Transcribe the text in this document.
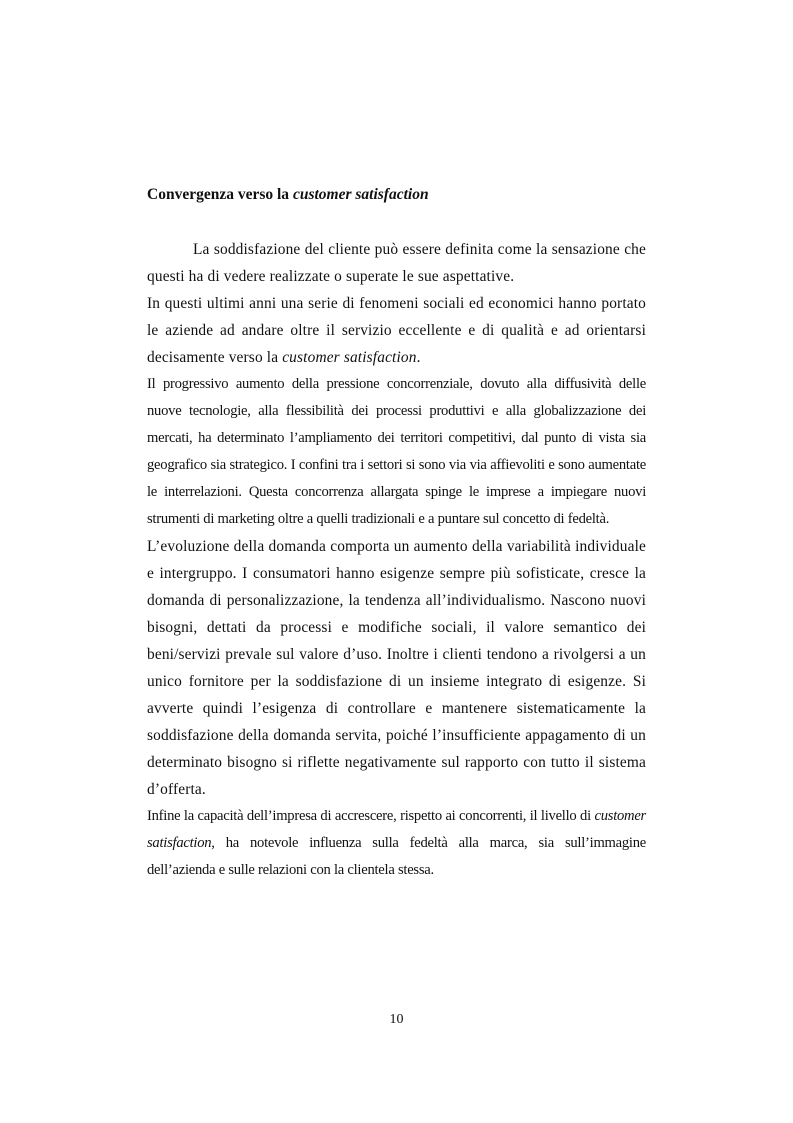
Convergenza verso la customer satisfaction

La soddisfazione del cliente può essere definita come la sensazione che questi ha di vedere realizzate o superate le sue aspettative.

In questi ultimi anni una serie di fenomeni sociali ed economici hanno portato le aziende ad andare oltre il servizio eccellente e di qualità e ad orientarsi decisamente verso la customer satisfaction.

Il progressivo aumento della pressione concorrenziale, dovuto alla diffusività delle nuove tecnologie, alla flessibilità dei processi produttivi e alla globalizzazione dei mercati, ha determinato l’ampliamento dei territori competitivi, dal punto di vista sia geografico sia strategico. I confini tra i settori si sono via via affievoliti e sono aumentate le interrelazioni. Questa concorrenza allargata spinge le imprese a impiegare nuovi strumenti di marketing oltre a quelli tradizionali e a puntare sul concetto di fedeltà.

L’evoluzione della domanda comporta un aumento della variabilità individuale e intergruppo. I consumatori hanno esigenze sempre più sofisticate, cresce la domanda di personalizzazione, la tendenza all’individualismo. Nascono nuovi bisogni, dettati da processi e modifiche sociali, il valore semantico dei beni/servizi prevale sul valore d’uso. Inoltre i clienti tendono a rivolgersi a un unico fornitore per la soddisfazione di un insieme integrato di esigenze. Si avverte quindi l’esigenza di controllare e mantenere sistematicamente la soddisfazione della domanda servita, poiché l’insufficiente appagamento di un determinato bisogno si riflette negativamente sul rapporto con tutto il sistema d’offerta.

Infine la capacità dell’impresa di accrescere, rispetto ai concorrenti, il livello di customer satisfaction, ha notevole influenza sulla fedeltà alla marca, sia sull’immagine dell’azienda e sulle relazioni con la clientela stessa.

10
